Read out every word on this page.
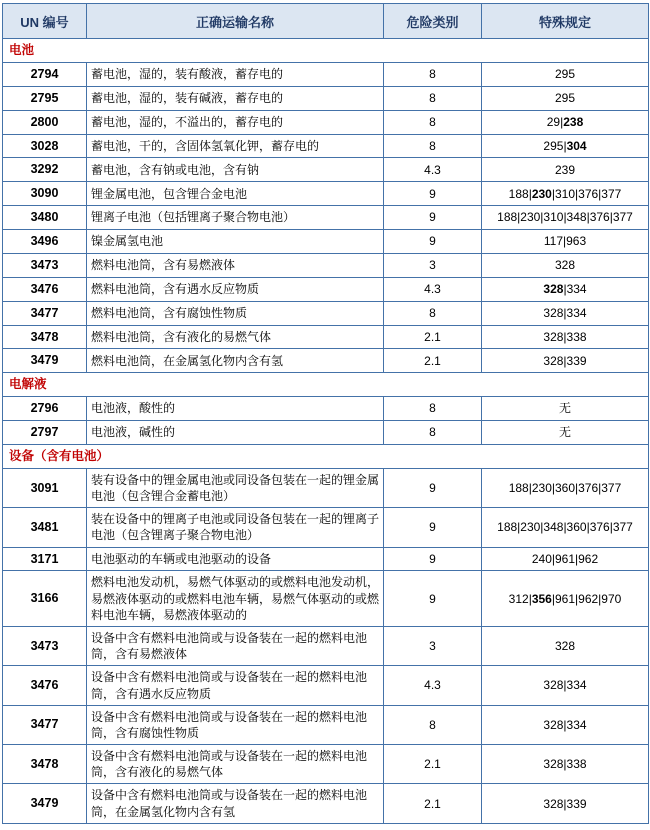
UN 编号	正确运输名称	危险类别	特殊规定
电池			
2794	蓄电池，湿的，装有酸液，蓄存电的	8	295
2795	蓄电池，湿的，装有碱液，蓄存电的	8	295
2800	蓄电池，湿的，不溢出的，蓄存电的	8	29|238
3028	蓄电池，干的，含固体氢氧化钾，蓄存电的	8	295|304
3292	蓄电池，含有钠或电池，含有钠	4.3	239
3090	锂金属电池，包含锂合金电池	9	188|230|310|376|377
3480	锂离子电池（包括锂离子聚合物电池）	9	188|230|310|348|376|377
3496	镍金属氢电池	9	117|963
3473	燃料电池筒，含有易燃液体	3	328
3476	燃料电池筒，含有遇水反应物质	4.3	328|334
3477	燃料电池筒，含有腐蚀性物质	8	328|334
3478	燃料电池筒，含有液化的易燃气体	2.1	328|338
3479	燃料电池筒，在金属氢化物内含有氢	2.1	328|339
电解液			
2796	电池液，酸性的	8	无
2797	电池液，碱性的	8	无
设备（含有电池）			
3091	装有设备中的锂金属电池或同设备包装在一起的锂金属电池（包含锂合金蓄电池）	9	188|230|360|376|377
3481	装在设备中的锂离子电池或同设备包装在一起的锂离子电池（包含锂离子聚合物电池）	9	188|230|348|360|376|377
3171	电池驱动的车辆或电池驱动的设备	9	240|961|962
3166	燃料电池发动机，易燃气体驱动的或燃料电池发动机，易燃液体驱动的或燃料电池车辆，易燃气体驱动的或燃料电池车辆，易燃液体驱动的	9	312|356|961|962|970
3473	设备中含有燃料电池筒或与设备装在一起的燃料电池筒，含有易燃液体	3	328
3476	设备中含有燃料电池筒或与设备装在一起的燃料电池筒，含有遇水反应物质	4.3	328|334
3477	设备中含有燃料电池筒或与设备装在一起的燃料电池筒，含有腐蚀性物质	8	328|334
3478	设备中含有燃料电池筒或与设备装在一起的燃料电池筒，含有液化的易燃气体	2.1	328|338
3479	设备中含有燃料电池筒或与设备装在一起的燃料电池筒，在金属氢化物内含有氢	2.1	328|339
